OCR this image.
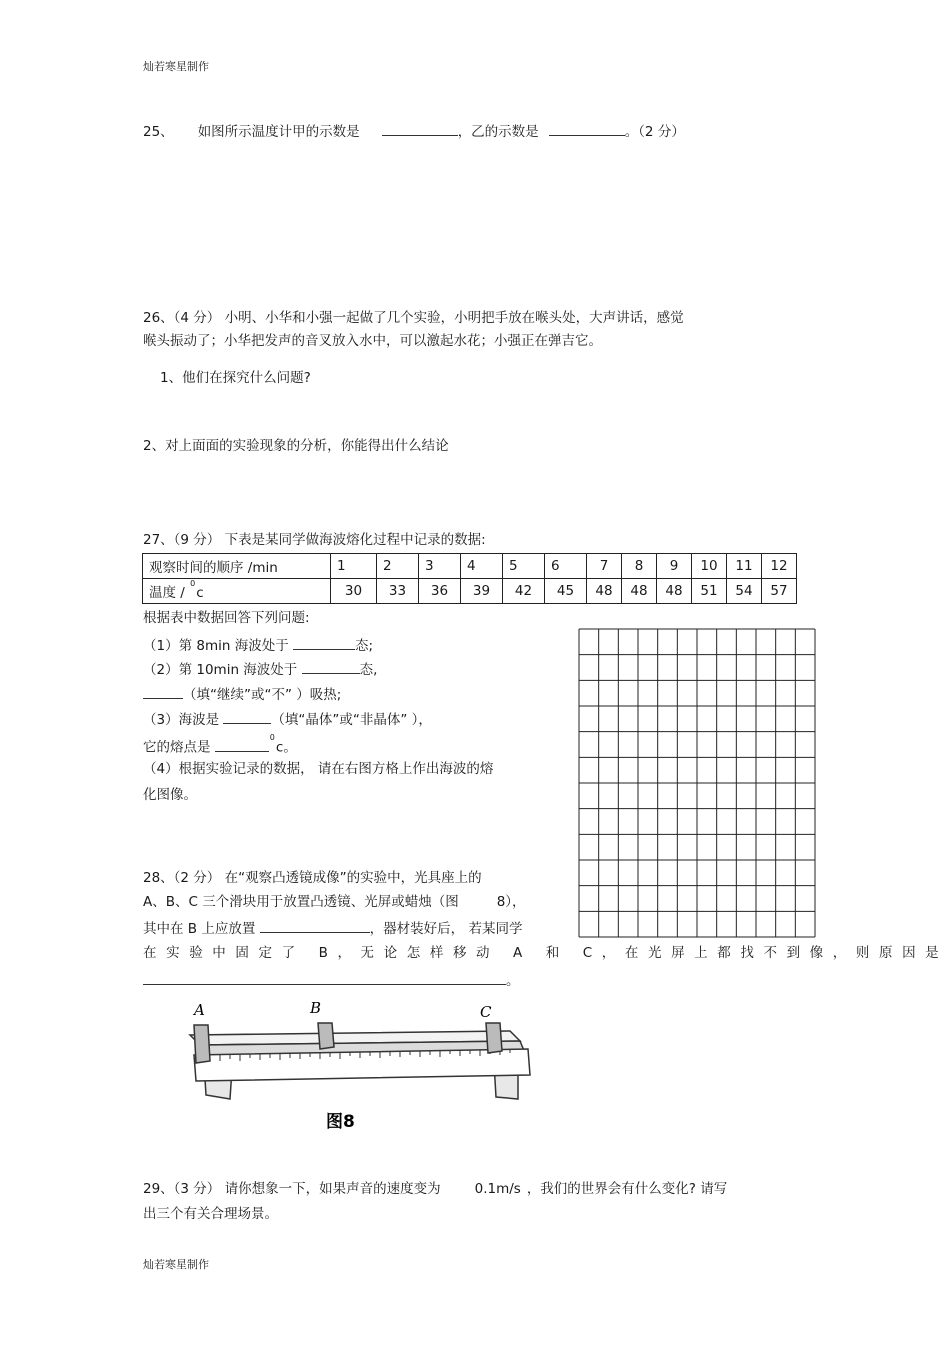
灿若寒星制作
25、 如图所示温度计甲的示数是	，乙的示数是	。（2 分）
26、（4 分） 小明、小华和小强一起做了几个实验，小明把手放在喉头处，大声讲话，感觉
喉头振动了；小华把发声的音叉放入水中，可以激起水花；小强正在弹吉它。
1、他们在探究什么问题?
2、对上面面的实验现象的分析，你能得出什么结论
27、（9 分） 下表是某同学做海波熔化过程中记录的数据:
观察时间的顺序 /min	1	2	3	4	5	6	7	8	9	10	11	12
温度 / $^0$c	30	33	36	39	42	45	48	48	48	51	54	57
根据表中数据回答下列问题:
（1）第 8min 海波处于	态;
（2）第 10min 海波处于	态,
（填“继续”或“不” ）吸热;
（3）海波是	（填“晶体”或“非晶体” ），
它的熔点是 $^0$c。
（4）根据实验记录的数据， 请在右图方格上作出海波的熔
化图像。
28、（2 分） 在“观察凸透镜成像”的实验中，光具座上的
A、B、C 三个滑块用于放置凸透镜、光屏或蜡烛（图	8），
其中在 B 上应放置	，器材装好后， 若某同学
在实验中固定了 B，无论怎样移动 A 和 C，在光屏上都找不到像，则原因是
。
A	B	C
图8
29、（3 分） 请你想象一下，如果声音的速度变为	0.1m/s ，我们的世界会有什么变化? 请写
出三个有关合理场景。
灿若寒星制作
